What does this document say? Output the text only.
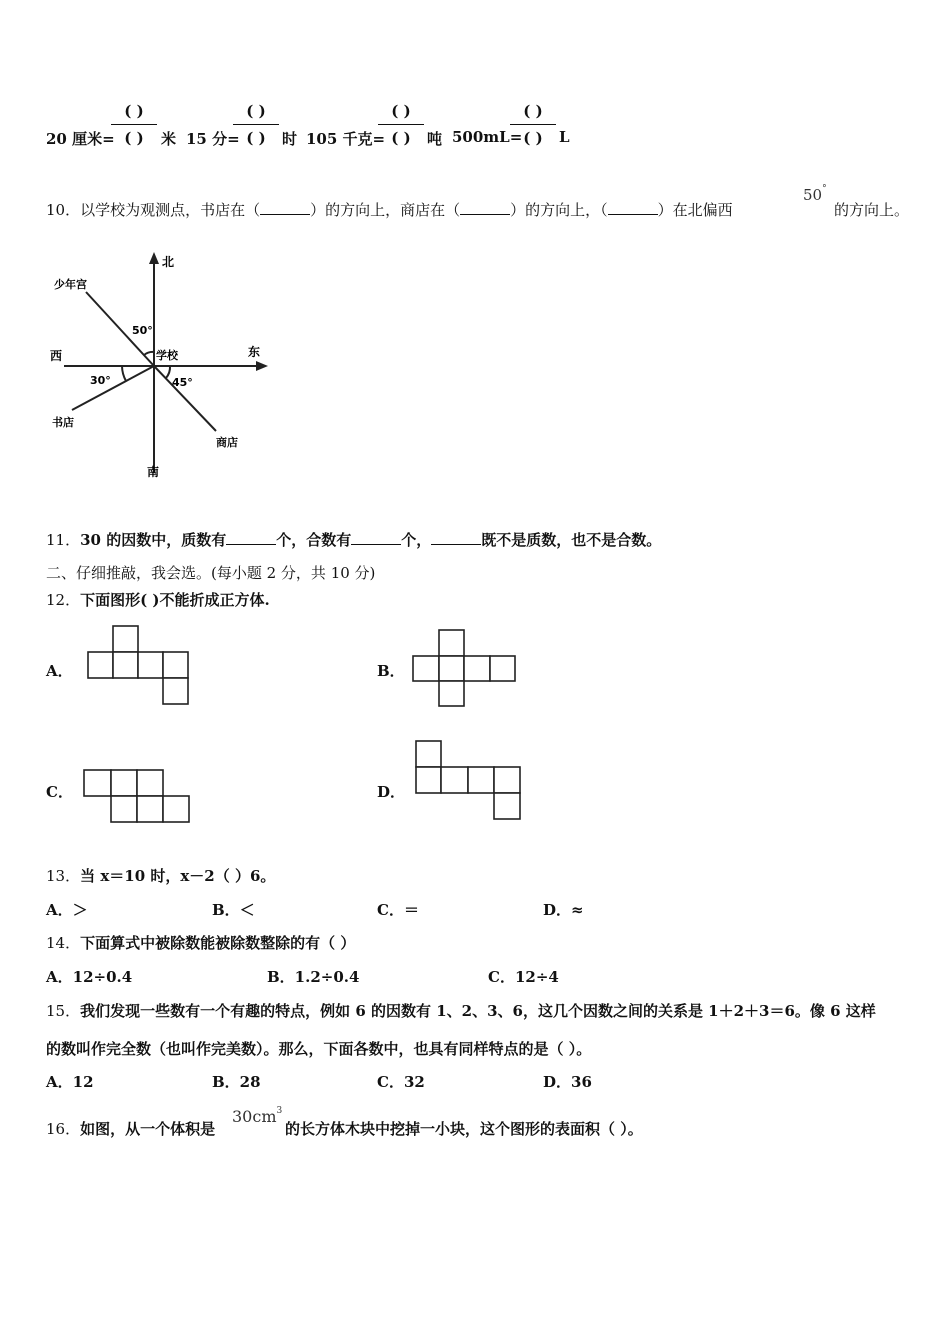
20 厘米=
( )
( )	米 15 分=
( )
( )	时 105 千克=
( )
( )	吨 500mL=
( )
( )	L
10．以学校为观测点，书店在（	）的方向上，商店在（	）的方向上，（	）在北偏西
50°
的方向上。
北
南
东
西	学校
少年宫
书店
商店
50°
30°	45°
11．30 的因数中，质数有	个，合数有	个，	既不是质数，也不是合数。
二、仔细推敲，我会选。(每小题 2 分，共 10 分)
12．下面图形( )不能折成正方体.
A．	B．
C．	D．
13．当 x＝10 时，x－2（ ）6。
A．＞	B．＜	C．＝	D．≈
14．下面算式中被除数能被除数整除的有（ ）
A．12÷0.4	B．1.2÷0.4	C．12÷4
15．我们发现一些数有一个有趣的特点，例如 6 的因数有 1、2、3、6，这几个因数之间的关系是 1＋2＋3＝6。像 6 这样
的数叫作完全数（也叫作完美数）。那么，下面各数中，也具有同样特点的是（ ）。
A．12	B．28	C．32	D．36
16．如图，从一个体积是
$30cm^3$
的长方体木块中挖掉一小块，这个图形的表面积（ ）。
